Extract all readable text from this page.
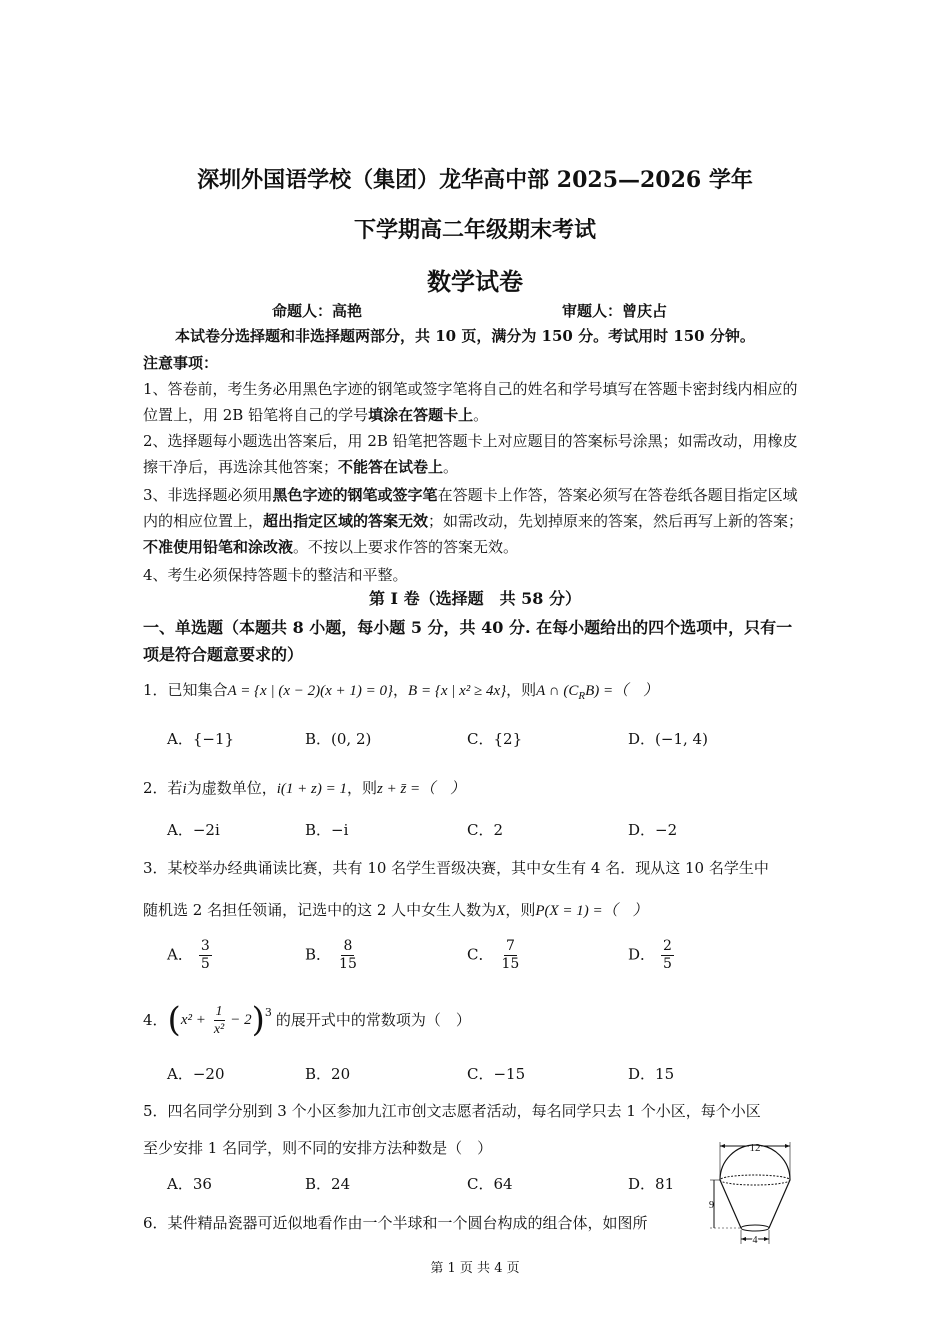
深圳外国语学校（集团）龙华高中部 2025—2026 学年
下学期高二年级期末考试
数学试卷
命题人：高艳	审题人：曾庆占
本试卷分选择题和非选择题两部分，共 10 页，满分为 150 分。考试用时 150 分钟。
注意事项：
1、答卷前，考生务必用黑色字迹的钢笔或签字笔将自己的姓名和学号填写在答题卡密封线内相应的位置上，用 2B 铅笔将自己的学号填涂在答题卡上。
2、选择题每小题选出答案后，用 2B 铅笔把答题卡上对应题目的答案标号涂黑；如需改动，用橡皮擦干净后，再选涂其他答案；不能答在试卷上。
3、非选择题必须用黑色字迹的钢笔或签字笔在答题卡上作答，答案必须写在答卷纸各题目指定区域内的相应位置上，超出指定区域的答案无效；如需改动，先划掉原来的答案，然后再写上新的答案；不准使用铅笔和涂改液。不按以上要求作答的答案无效。
4、考生必须保持答题卡的整洁和平整。
第 I 卷（选择题　共 58 分）
一、单选题（本题共 8 小题，每小题 5 分，共 40 分. 在每小题给出的四个选项中，只有一项是符合题意要求的）
1．已知集合A = {x | (x − 2)(x + 1) = 0}，B = {x | x² ≥ 4x}，则A ∩ $(C_RB)$ =（　）
A．{−1}	B．(0, 2)	C．{2}	D．(−1, 4)
2．若i为虚数单位，i(1 + z) = 1，则z + z̄ =（　）
A．−2i	B．−i	C．2	D．−2
3．某校举办经典诵读比赛，共有 10 名学生晋级决赛，其中女生有 4 名．现从这 10 名学生中
随机选 2 名担任领诵，记选中的这 2 人中女生人数为X，则P(X = 1) =（　）
A． $\frac{3}{5}$	B． $\frac{8}{15}$	C． $\frac{7}{15}$	D． $\frac{2}{5}$
4． ( $x^2 + \frac{1}{\text{x²}} - 2$ )$^3$ 的展开式中的常数项为（　）
A．−20	B．20	C．−15	D．15
5．四名同学分别到 3 个小区参加九江市创文志愿者活动，每名同学只去 1 个小区，每个小区
至少安排 1 名同学，则不同的安排方法种数是（　）
A．36	B．24	C．64	D．81
6．某件精品瓷器可近似地看作由一个半球和一个圆台构成的组合体，如图所
12
9
4
第 1 页 共 4 页
